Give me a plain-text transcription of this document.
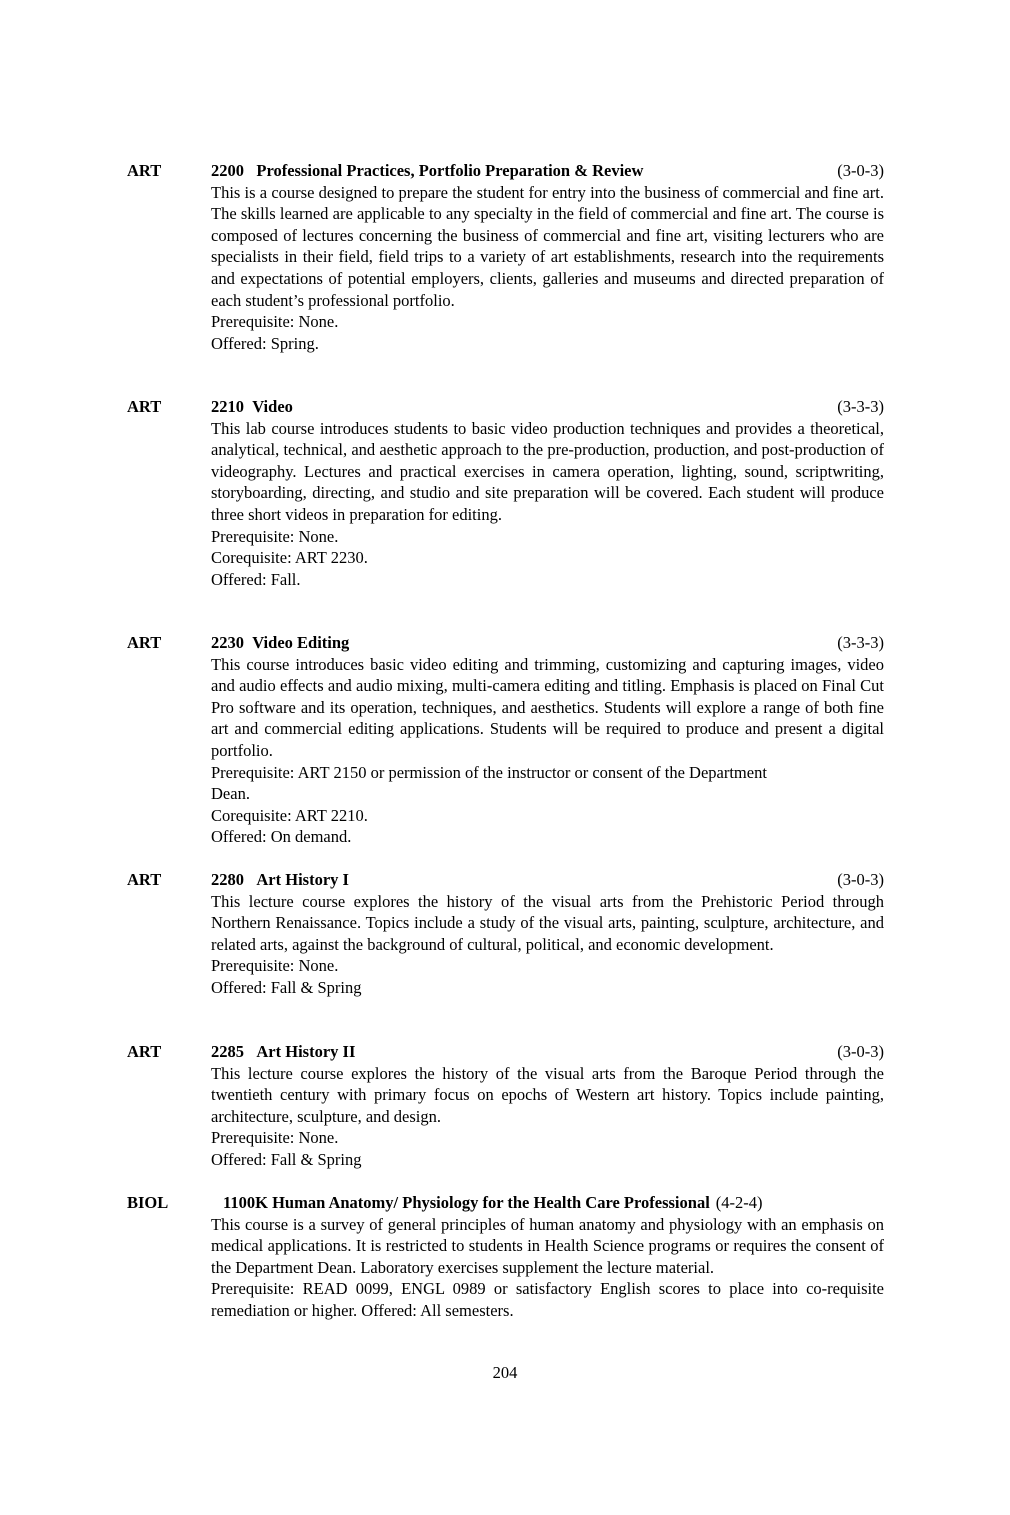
ART	2200 Professional Practices, Portfolio Preparation & Review	(3-0-3)

This is a course designed to prepare the student for entry into the business of commercial and fine art. The skills learned are applicable to any specialty in the field of commercial and fine art. The course is composed of lectures concerning the business of commercial and fine art, visiting lecturers who are specialists in their field, field trips to a variety of art establishments, research into the requirements and expectations of potential employers, clients, galleries and museums and directed preparation of each student’s professional portfolio.

Prerequisite: None.

Offered: Spring.

ART	2210 Video	(3-3-3)

This lab course introduces students to basic video production techniques and provides a theoretical, analytical, technical, and aesthetic approach to the pre-production, production, and post-production of videography. Lectures and practical exercises in camera operation, lighting, sound, scriptwriting, storyboarding, directing, and studio and site preparation will be covered. Each student will produce three short videos in preparation for editing.

Prerequisite: None.

Corequisite: ART 2230.

Offered: Fall.

ART	2230 Video Editing	(3-3-3)

This course introduces basic video editing and trimming, customizing and capturing images, video and audio effects and audio mixing, multi-camera editing and titling. Emphasis is placed on Final Cut Pro software and its operation, techniques, and aesthetics. Students will explore a range of both fine art and commercial editing applications. Students will be required to produce and present a digital portfolio.

Prerequisite: ART 2150 or permission of the instructor or consent of the Department

Dean.

Corequisite: ART 2210.

Offered: On demand.

ART	2280 Art History I	(3-0-3)

This lecture course explores the history of the visual arts from the Prehistoric Period through Northern Renaissance. Topics include a study of the visual arts, painting, sculpture, architecture, and related arts, against the background of cultural, political, and economic development.

Prerequisite: None.

Offered: Fall & Spring

ART	2285 Art History II	(3-0-3)

This lecture course explores the history of the visual arts from the Baroque Period through the twentieth century with primary focus on epochs of Western art history. Topics include painting, architecture, sculpture, and design.

Prerequisite: None.

Offered: Fall & Spring

BIOL	1100K Human Anatomy/ Physiology for the Health Care Professional (4-2-4)

This course is a survey of general principles of human anatomy and physiology with an emphasis on medical applications. It is restricted to students in Health Science programs or requires the consent of the Department Dean. Laboratory exercises supplement the lecture material.

Prerequisite: READ 0099, ENGL 0989 or satisfactory English scores to place into co-requisite remediation or higher. Offered: All semesters.

204
